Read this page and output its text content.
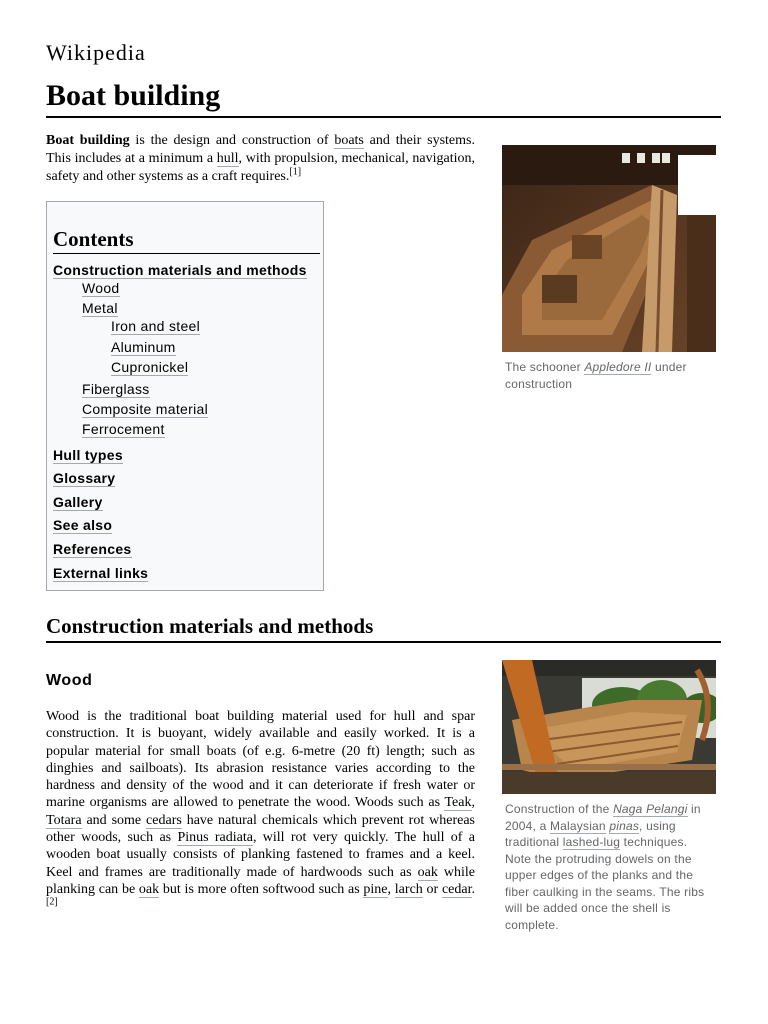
Wikipedia
Boat building

Boat building is the design and construction of boats and their systems. This includes at a minimum a hull, with propulsion, mechanical, navigation, safety and other systems as a craft requires.[1]

The schooner Appledore II under construction
Contents
Construction materials and methods
Wood
Metal
Iron and steel
Aluminum
Cupronickel
Fiberglass
Composite material
Ferrocement
Hull types
Glossary
Gallery
See also
References
External links
Construction materials and methods
Wood

Wood is the traditional boat building material used for hull and spar construction. It is buoyant, widely available and easily worked. It is a popular material for small boats (of e.g. 6-metre (20 ft) length; such as dinghies and sailboats). Its abrasion resistance varies according to the hardness and density of the wood and it can deteriorate if fresh water or marine organisms are allowed to penetrate the wood. Woods such as Teak, Totara and some cedars have natural chemicals which prevent rot whereas other woods, such as Pinus radiata, will rot very quickly. The hull of a wooden boat usually consists of planking fastened to frames and a keel. Keel and frames are traditionally made of hardwoods such as oak while planking can be oak but is more often softwood such as pine, larch or cedar.[2]

Construction of the Naga Pelangi in 2004, a Malaysian pinas, using traditional lashed-lug techniques. Note the protruding dowels on the upper edges of the planks and the fiber caulking in the seams. The ribs will be added once the shell is complete.
